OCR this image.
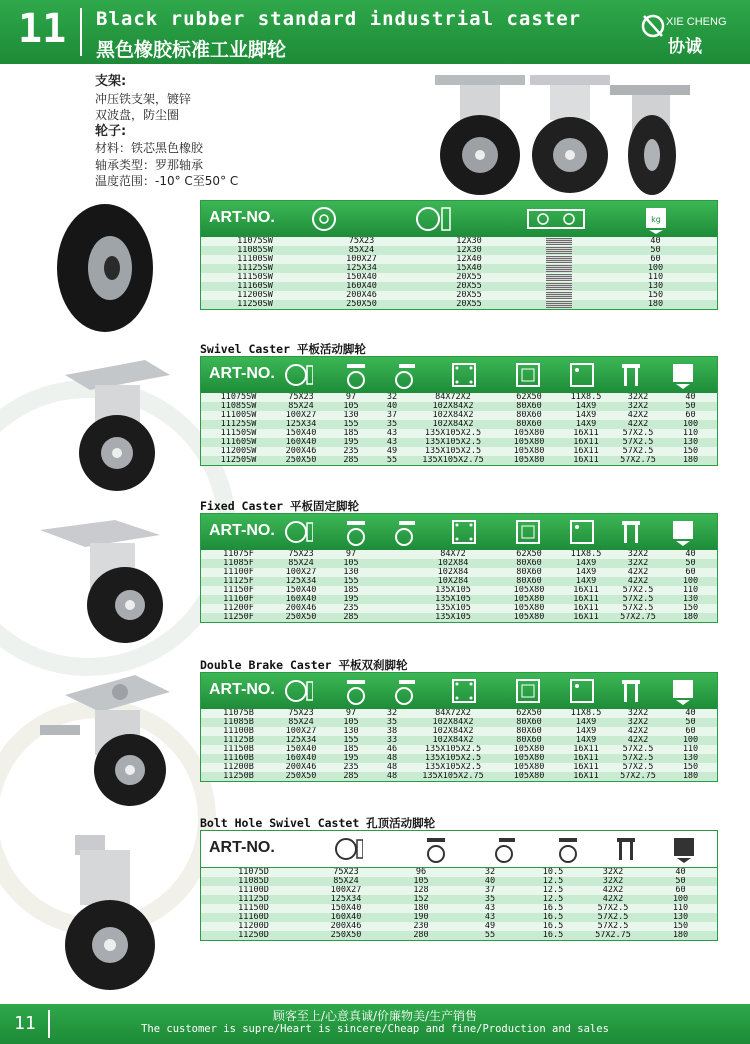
11 Black rubber standard industrial caster
黑色橡胶标准工业脚轮
XIE CHENG
协诚
支架:
冲压铁支架，镀锌
双波盘，防尘圈
轮子:
材料：铁芯黑色橡胶
轴承类型：罗那轴承
温度范围：-10° C至50° C
ART-NO.	kg
11075SW	75X23	12X30	40
11085SW	85X24	12X30	50
11100SW	100X27	12X40	60
11125SW	125X34	15X40	100
11150SW	150X40	20X55	110
11160SW	160X40	20X55	130
11200SW	200X46	20X55	150
11250SW	250X50	20X55	180
Swivel Caster 平板活动脚轮
ART-NO.
11075SW	75X23	97	32	84X72X2	62X50	11X8.5	32X2	40
11085SW	85X24	105	40	102X84X2	80X60	14X9	32X2	50
11100SW	100X27	130	37	102X84X2	80X60	14X9	42X2	60
11125SW	125X34	155	35	102X84X2	80X60	14X9	42X2	100
11150SW	150X40	185	43	135X105X2.5	105X80	16X11	57X2.5	110
11160SW	160X40	195	43	135X105X2.5	105X80	16X11	57X2.5	130
11200SW	200X46	235	49	135X105X2.5	105X80	16X11	57X2.5	150
11250SW	250X50	285	55	135X105X2.75	105X80	16X11	57X2.75	180
Fixed Caster 平板固定脚轮
ART-NO.
11075F	75X23	97	84X72	62X50	11X8.5	32X2	40
11085F	85X24	105	102X84	80X60	14X9	32X2	50
11100F	100X27	130	102X84	80X60	14X9	42X2	60
11125F	125X34	155	10X284	80X60	14X9	42X2	100
11150F	150X40	185	135X105	105X80	16X11	57X2.5	110
11160F	160X40	195	135X105	105X80	16X11	57X2.5	130
11200F	200X46	235	135X105	105X80	16X11	57X2.5	150
11250F	250X50	285	135X105	105X80	16X11	57X2.75	180
Double Brake Caster 平板双刹脚轮
ART-NO.
11075B	75X23	97	32	84X72X2	62X50	11X8.5	32X2	40
11085B	85X24	105	35	102X84X2	80X60	14X9	32X2	50
11100B	100X27	130	38	102X84X2	80X60	14X9	42X2	60
11125B	125X34	155	33	102X84X2	80X60	14X9	42X2	100
11150B	150X40	185	46	135X105X2.5	105X80	16X11	57X2.5	110
11160B	160X40	195	48	135X105X2.5	105X80	16X11	57X2.5	130
11200B	200X46	235	48	135X105X2.5	105X80	16X11	57X2.5	150
11250B	250X50	285	48	135X105X2.75	105X80	16X11	57X2.75	180
Bolt Hole Swivel Castet 孔顶活动脚轮
ART-NO.
11075D	75X23	96	32	10.5	32X2	40
11085D	85X24	105	40	12.5	32X2	50
11100D	100X27	128	37	12.5	42X2	60
11125D	125X34	152	35	12.5	42X2	100
11150D	150X40	180	43	16.5	57X2.5	110
11160D	160X40	190	43	16.5	57X2.5	130
11200D	200X46	230	49	16.5	57X2.5	150
11250D	250X50	280	55	16.5	57X2.75	180
11	顾客至上/心意真诚/价廉物美/生产销售
The customer is supre/Heart is sincere/Cheap and fine/Production and sales
